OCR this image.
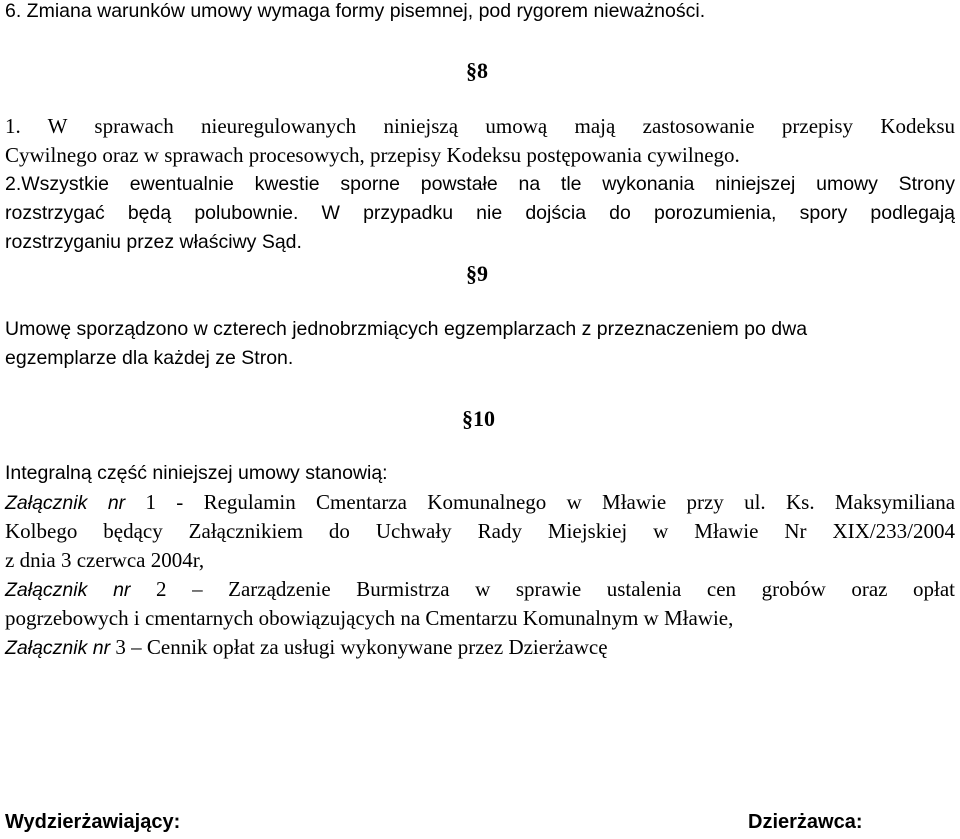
6. Zmiana warunków umowy wymaga formy pisemnej, pod rygorem nieważności.
§8
1. W sprawach nieuregulowanych niniejszą umową mają zastosowanie przepisy Kodeksu
Cywilnego oraz w sprawach procesowych, przepisy Kodeksu postępowania cywilnego.
2.Wszystkie ewentualnie kwestie sporne powstałe na tle wykonania niniejszej umowy Strony
rozstrzygać będą polubownie. W przypadku nie dojścia do porozumienia, spory podlegają
rozstrzyganiu przez właściwy Sąd.
§9
Umowę sporządzono w czterech jednobrzmiących egzemplarzach z przeznaczeniem po dwa
egzemplarze dla każdej ze Stron.
§10
Integralną część niniejszej umowy stanowią:
Załącznik nr 1 - Regulamin Cmentarza Komunalnego w Mławie przy ul. Ks. Maksymiliana
Kolbego będący Załącznikiem do Uchwały Rady Miejskiej w Mławie Nr XIX/233/2004
z dnia 3 czerwca 2004r,
Załącznik nr 2 – Zarządzenie Burmistrza w sprawie ustalenia cen grobów oraz opłat
pogrzebowych i cmentarnych obowiązujących na Cmentarzu Komunalnym w Mławie,
Załącznik nr 3 – Cennik opłat za usługi wykonywane przez Dzierżawcę
Wydzierżawiający:	Dzierżawca:
